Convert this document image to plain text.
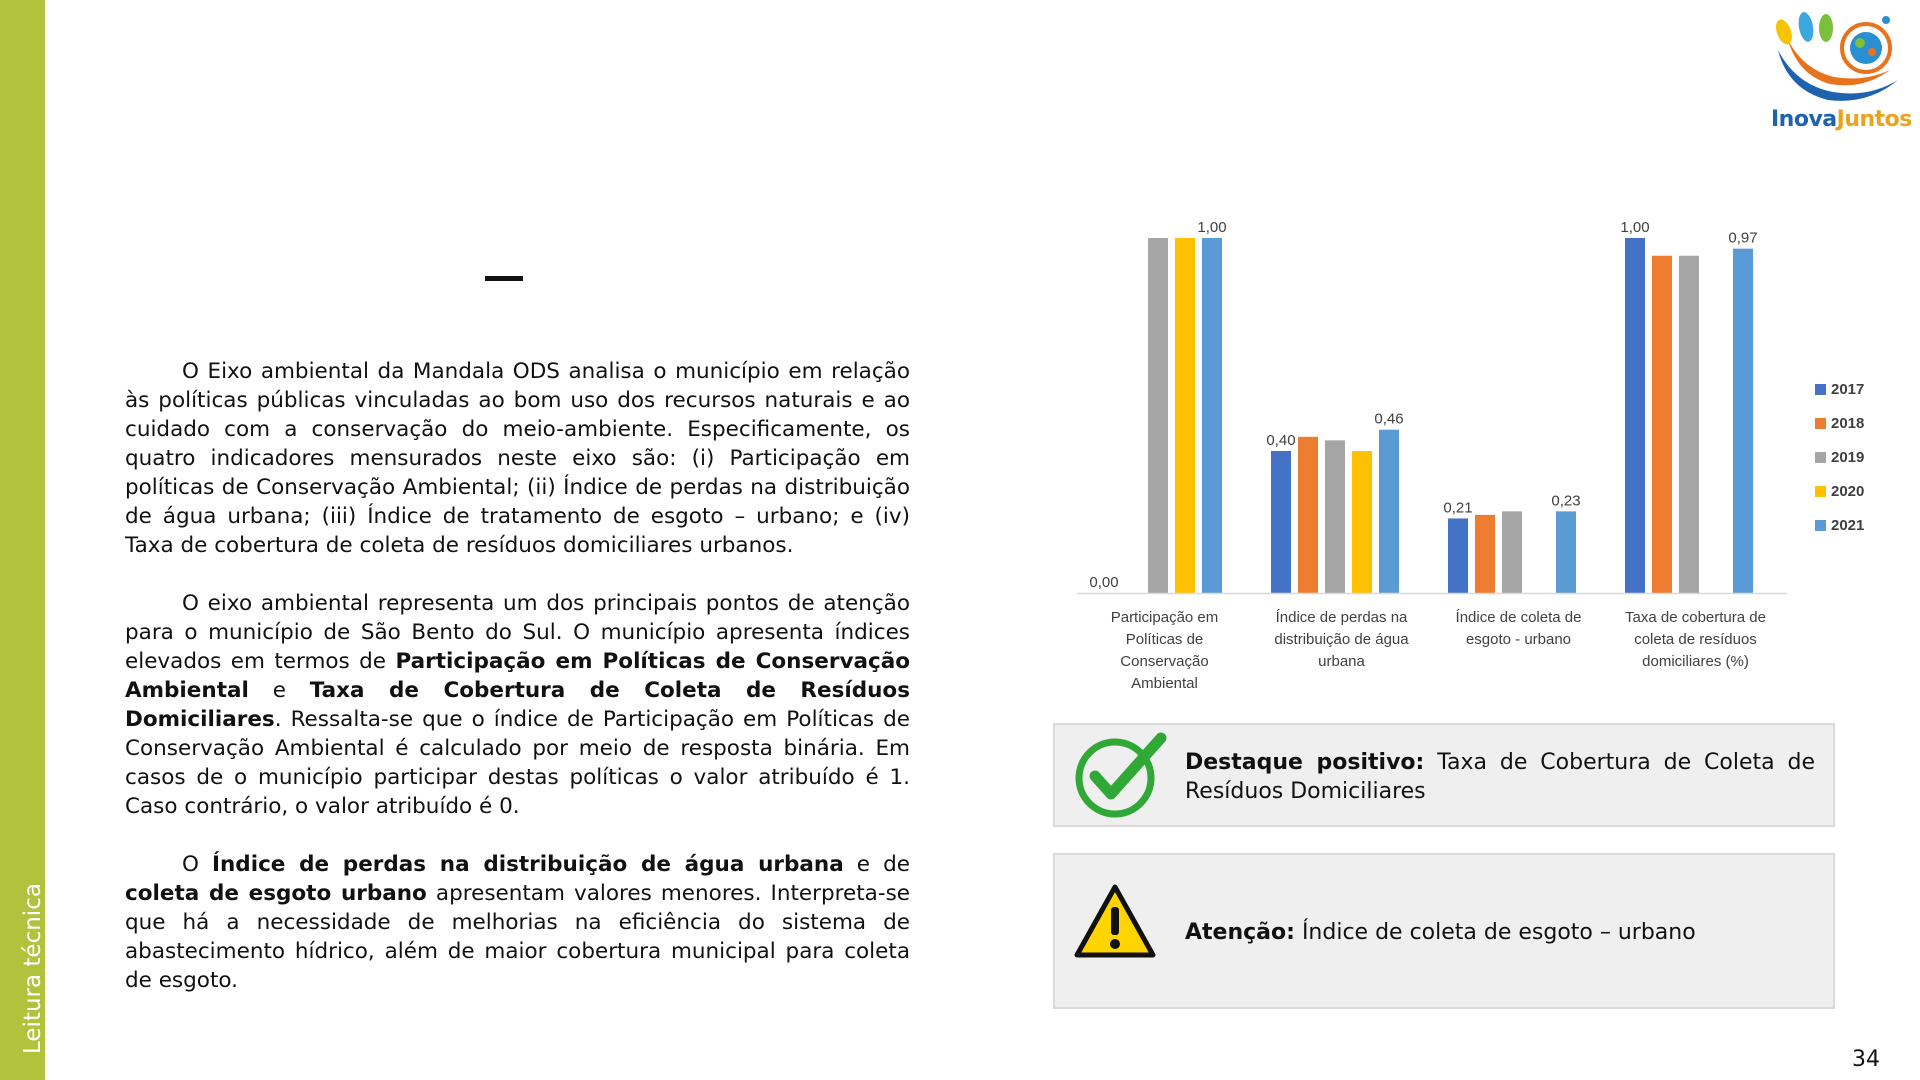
Leitura técnica
InovaJuntos

O Eixo ambiental da Mandala ODS analisa o município em relação às políticas públicas vinculadas ao bom uso dos recursos naturais e ao cuidado com a conservação do meio-ambiente. Especificamente, os quatro indicadores mensurados neste eixo são: (i) Participação em políticas de Conservação Ambiental; (ii) Índice de perdas na distribuição de água urbana; (iii) Índice de tratamento de esgoto – urbano; e (iv) Taxa de cobertura de coleta de resíduos domiciliares urbanos.

O eixo ambiental representa um dos principais pontos de atenção para o município de São Bento do Sul. O município apresenta índices elevados em termos de Participação em Políticas de Conservação Ambiental e Taxa de Cobertura de Coleta de Resíduos Domiciliares. Ressalta-se que o índice de Participação em Políticas de Conservação Ambiental é calculado por meio de resposta binária. Em casos de o município participar destas políticas o valor atribuído é 1. Caso contrário, o valor atribuído é 0.

O Índice de perdas na distribuição de água urbana e de coleta de esgoto urbano apresentam valores menores. Interpreta-se que há a necessidade de melhorias na eficiência do sistema de abastecimento hídrico, além de maior cobertura municipal para coleta de esgoto.

0,00
1,00
0,40
0,46
0,21	0,23
1,00
0,97
Participação em
Políticas de
Conservação
Ambiental
Índice de perdas na
distribuição de água
urbana
Índice de coleta de
esgoto - urbano
Taxa de cobertura de
coleta de resíduos
domiciliares (%)
2017
2018
2019
2020
2021
Destaque positivo: Taxa de Cobertura de Coleta de Resíduos Domiciliares
Atenção: Índice de coleta de esgoto – urbano
34
